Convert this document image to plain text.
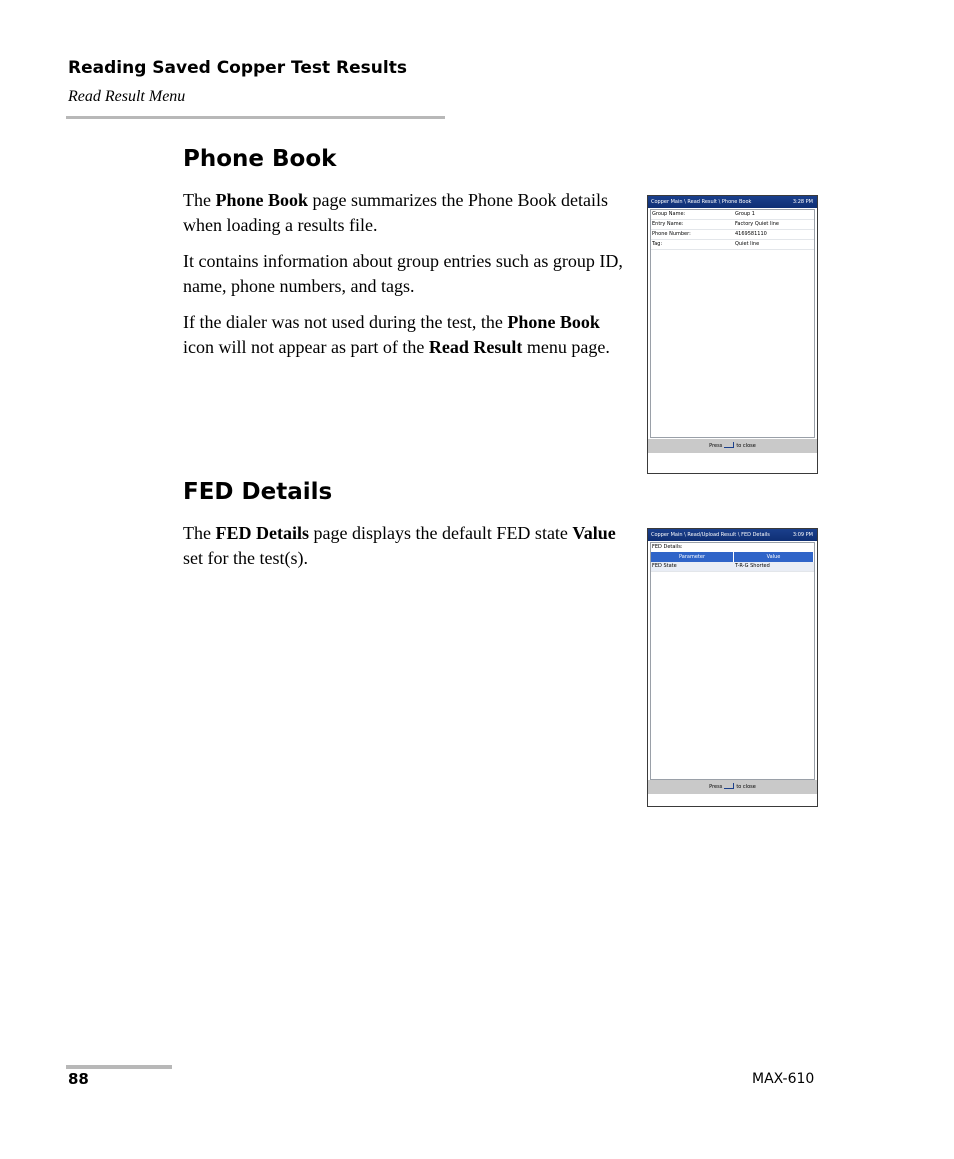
Reading Saved Copper Test Results
Read Result Menu
Phone Book

The Phone Book page summarizes the Phone Book details when loading a results file.

It contains information about group entries such as group ID, name, phone numbers, and tags.

If the dialer was not used during the test, the Phone Book icon will not appear as part of the Read Result menu page.

Copper Main \ Read Result \ Phone Book	3:28 PM
Group Name:	Group 1
Entry Name:	Factory Quiet line
Phone Number:	4169581110
Tag:	Quiet line
Press	to close
FED Details

The FED Details page displays the default FED state Value set for the test(s).

Copper Main \ Read/Upload Result \ FED Details	3:09 PM
FED Details:
Parameter	Value
FED State	T-R-G Shorted
Press	to close
88	MAX-610
